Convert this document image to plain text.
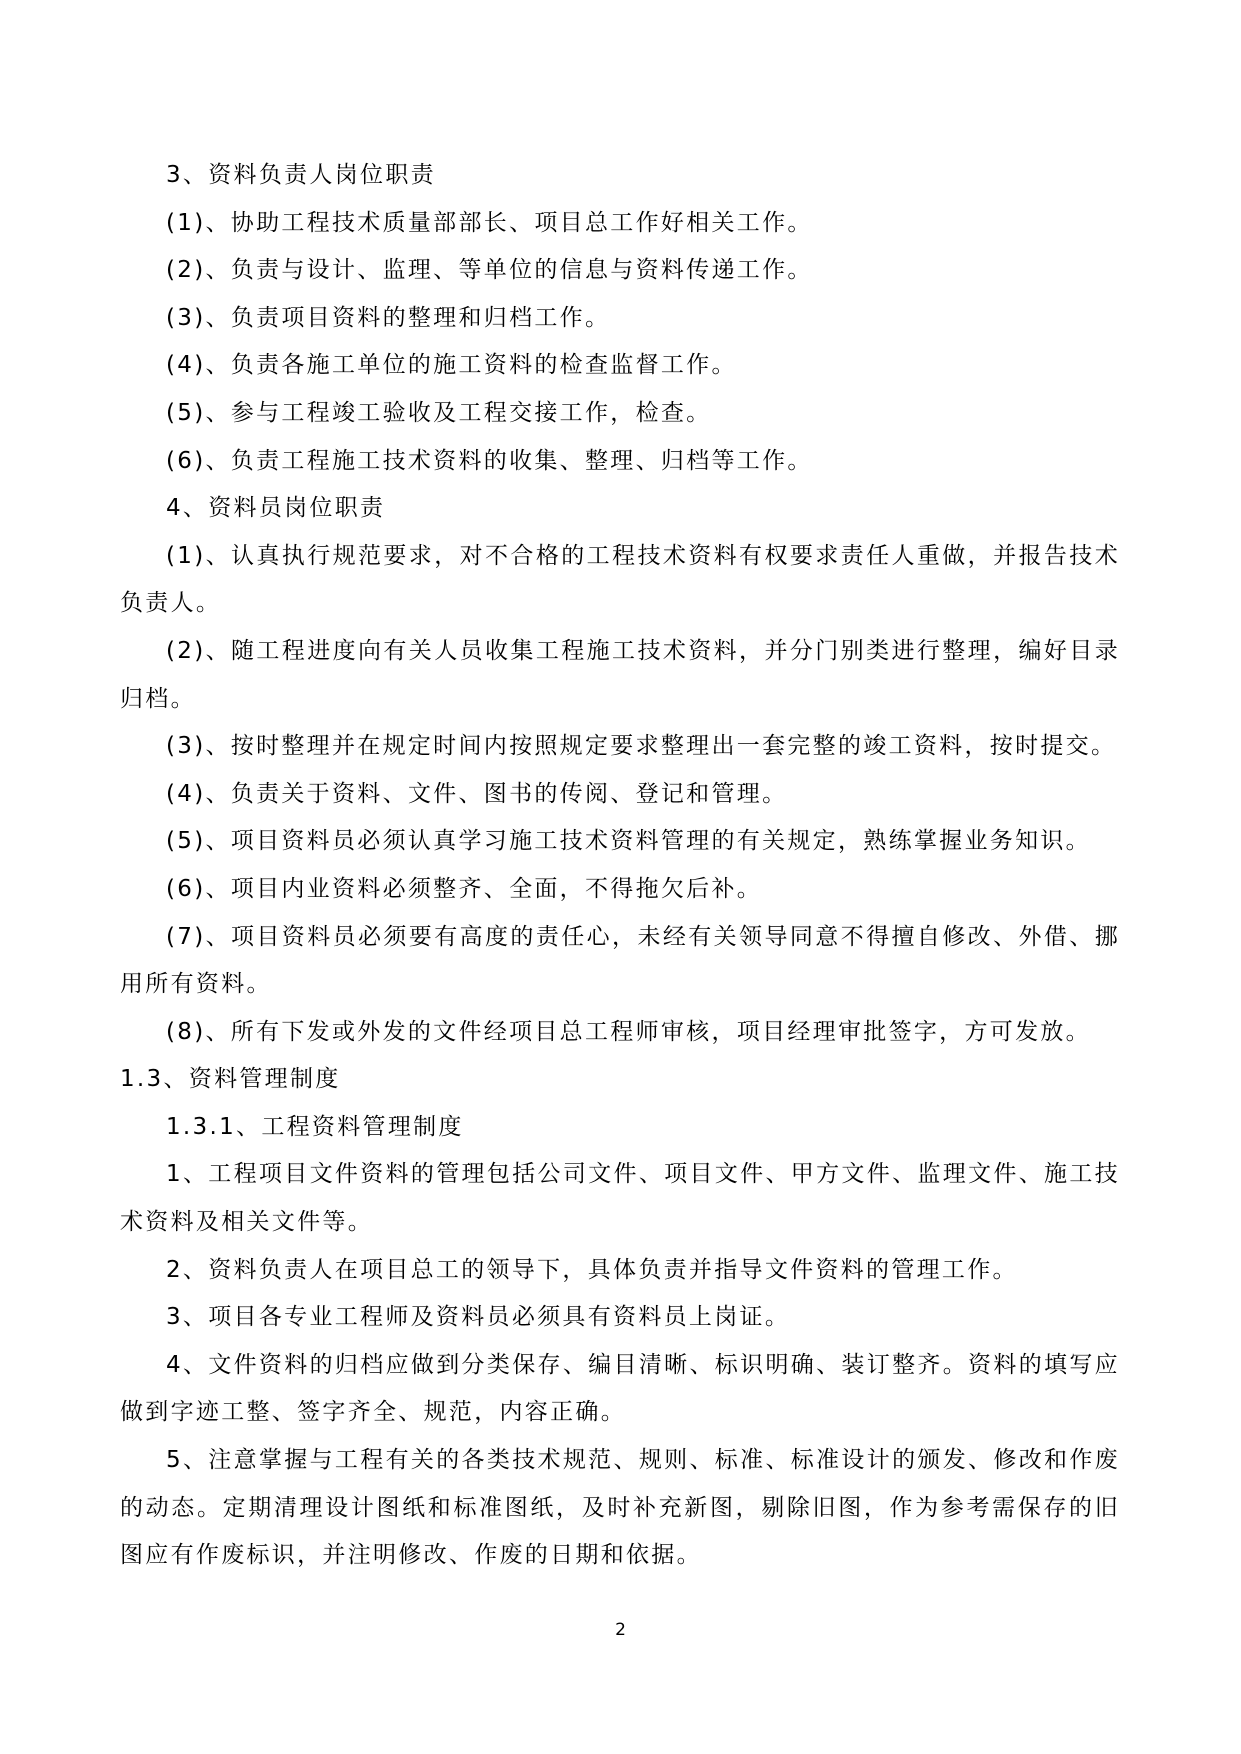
3、资料负责人岗位职责

(1)、协助工程技术质量部部长、项目总工作好相关工作。

(2)、负责与设计、监理、等单位的信息与资料传递工作。

(3)、负责项目资料的整理和归档工作。

(4)、负责各施工单位的施工资料的检查监督工作。

(5)、参与工程竣工验收及工程交接工作，检查。

(6)、负责工程施工技术资料的收集、整理、归档等工作。

4、资料员岗位职责

(1)、认真执行规范要求，对不合格的工程技术资料有权要求责任人重做，并报告技术负责人。

(2)、随工程进度向有关人员收集工程施工技术资料，并分门别类进行整理，编好目录归档。

(3)、按时整理并在规定时间内按照规定要求整理出一套完整的竣工资料，按时提交。

(4)、负责关于资料、文件、图书的传阅、登记和管理。

(5)、项目资料员必须认真学习施工技术资料管理的有关规定，熟练掌握业务知识。

(6)、项目内业资料必须整齐、全面，不得拖欠后补。

(7)、项目资料员必须要有高度的责任心，未经有关领导同意不得擅自修改、外借、挪用所有资料。

(8)、所有下发或外发的文件经项目总工程师审核，项目经理审批签字，方可发放。

1.3、资料管理制度

1.3.1、工程资料管理制度

1、工程项目文件资料的管理包括公司文件、项目文件、甲方文件、监理文件、施工技术资料及相关文件等。

2、资料负责人在项目总工的领导下，具体负责并指导文件资料的管理工作。

3、项目各专业工程师及资料员必须具有资料员上岗证。

4、文件资料的归档应做到分类保存、编目清晰、标识明确、装订整齐。资料的填写应做到字迹工整、签字齐全、规范，内容正确。

5、注意掌握与工程有关的各类技术规范、规则、标准、标准设计的颁发、修改和作废的动态。定期清理设计图纸和标准图纸，及时补充新图，剔除旧图，作为参考需保存的旧图应有作废标识，并注明修改、作废的日期和依据。

2
